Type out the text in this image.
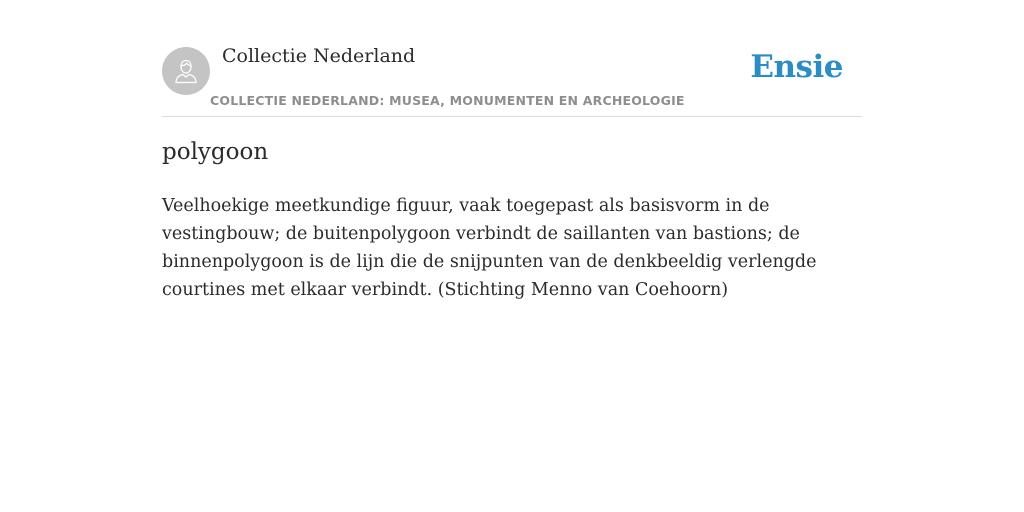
Collectie Nederland
COLLECTIE NEDERLAND: MUSEA, MONUMENTEN EN ARCHEOLOGIE
Ensie
polygoon

Veelhoekige meetkundige figuur, vaak toegepast als basisvorm in de vestingbouw; de buitenpolygoon verbindt de saillanten van bastions; de binnenpolygoon is de lijn die de snijpunten van de denkbeeldig verlengde courtines met elkaar verbindt. (Stichting Menno van Coehoorn)
